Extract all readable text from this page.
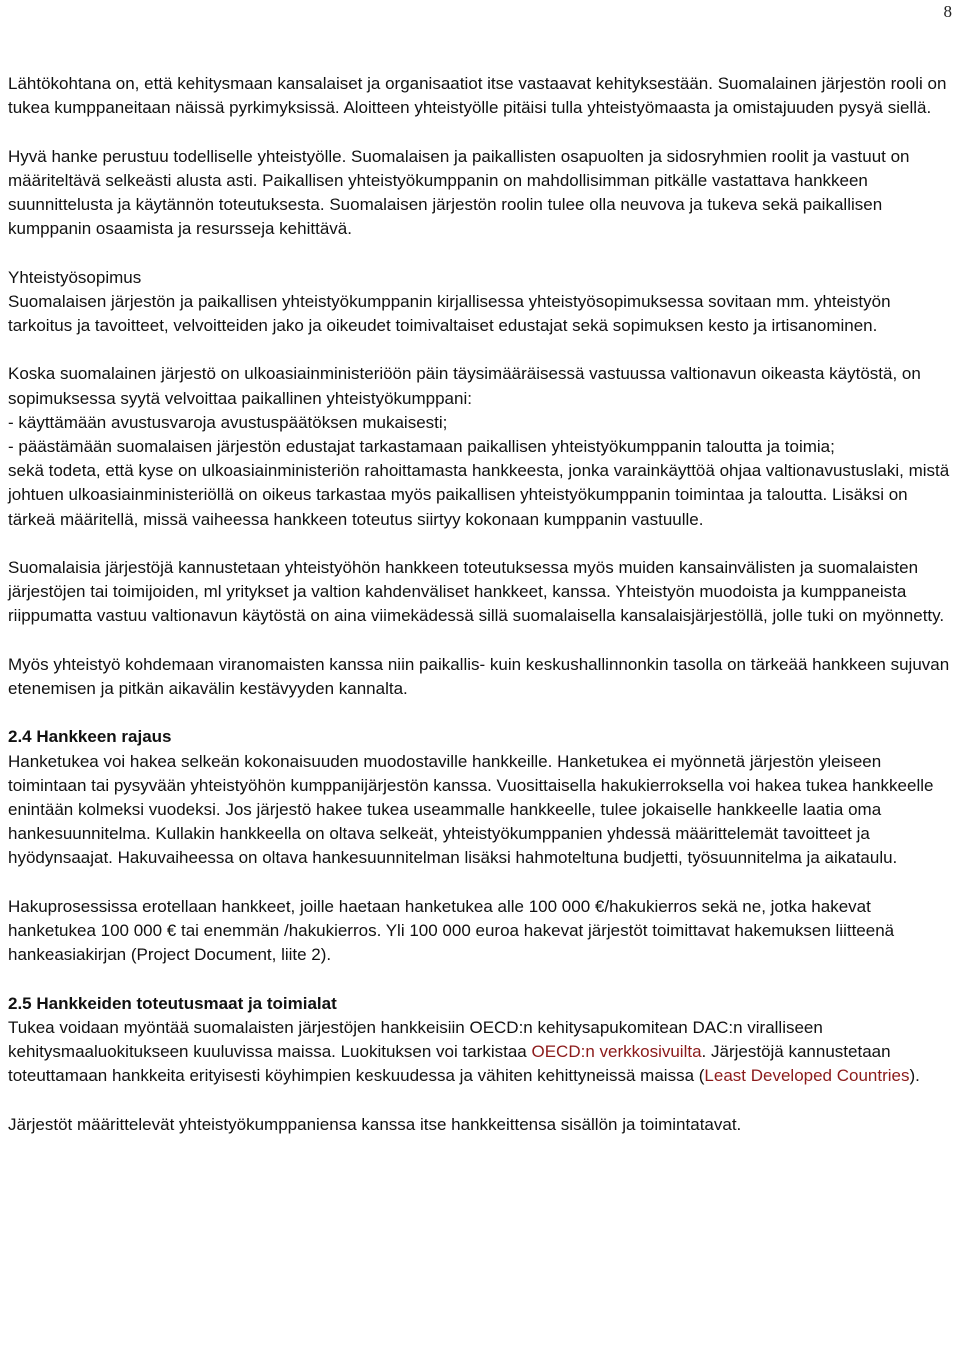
8

Lähtökohtana on, että kehitysmaan kansalaiset ja organisaatiot itse vastaavat kehityksestään. Suomalainen järjestön rooli on tukea kumppaneitaan näissä pyrkimyksissä. Aloitteen yhteistyölle pitäisi tulla yhteistyömaasta ja omistajuuden pysyä siellä.

Hyvä hanke perustuu todelliselle yhteistyölle. Suomalaisen ja paikallisten osapuolten ja sidosryhmien roolit ja vastuut on määriteltävä selkeästi alusta asti. Paikallisen yhteistyökumppanin on mahdollisimman pitkälle vastattava hankkeen suunnittelusta ja käytännön toteutuksesta. Suomalaisen järjestön roolin tulee olla neuvova ja tukeva sekä paikallisen kumppanin osaamista ja resursseja kehittävä.

Yhteistyösopimus
Suomalaisen järjestön ja paikallisen yhteistyökumppanin kirjallisessa yhteistyösopimuksessa sovitaan mm. yhteistyön tarkoitus ja tavoitteet, velvoitteiden jako ja oikeudet toimivaltaiset edustajat sekä sopimuksen kesto ja irtisanominen.
Koska suomalainen järjestö on ulkoasiainministeriöön päin täysimääräisessä vastuussa valtionavun oikeasta käytöstä, on sopimuksessa syytä velvoittaa paikallinen yhteistyökumppani:
- käyttämään avustusvaroja avustuspäätöksen mukaisesti;
- päästämään suomalaisen järjestön edustajat tarkastamaan paikallisen yhteistyökumppanin taloutta ja toimia;
sekä todeta, että kyse on ulkoasiainministeriön rahoittamasta hankkeesta, jonka varainkäyttöä ohjaa valtionavustuslaki, mistä johtuen ulkoasiainministeriöllä on oikeus tarkastaa myös paikallisen yhteistyökumppanin toimintaa ja taloutta. Lisäksi on tärkeä määritellä, missä vaiheessa hankkeen toteutus siirtyy kokonaan kumppanin vastuulle.

Suomalaisia järjestöjä kannustetaan yhteistyöhön hankkeen toteutuksessa myös muiden kansainvälisten ja suomalaisten järjestöjen tai toimijoiden, ml yritykset ja valtion kahdenväliset hankkeet, kanssa. Yhteistyön muodoista ja kumppaneista riippumatta vastuu valtionavun käytöstä on aina viimekädessä sillä suomalaisella kansalaisjärjestöllä, jolle tuki on myönnetty.

Myös yhteistyö kohdemaan viranomaisten kanssa niin paikallis- kuin keskushallinnonkin tasolla on tärkeää hankkeen sujuvan etenemisen ja pitkän aikavälin kestävyyden kannalta.

2.4 Hankkeen rajaus
Hanketukea voi hakea selkeän kokonaisuuden muodostaville hankkeille. Hanketukea ei myönnetä järjestön yleiseen toimintaan tai pysyvään yhteistyöhön kumppanijärjestön kanssa. Vuosittaisella hakukierroksella voi hakea tukea hankkeelle enintään kolmeksi vuodeksi. Jos järjestö hakee tukea useammalle hankkeelle, tulee jokaiselle hankkeelle laatia oma hankesuunnitelma. Kullakin hankkeella on oltava selkeät, yhteistyökumppanien yhdessä määrittelemät tavoitteet ja hyödynsaajat. Hakuvaiheessa on oltava hankesuunnitelman lisäksi hahmoteltuna budjetti, työsuunnitelma ja aikataulu.

Hakuprosessissa erotellaan hankkeet, joille haetaan hanketukea alle 100 000 €/hakukierros sekä ne, jotka hakevat hanketukea 100 000 € tai enemmän /hakukierros. Yli 100 000 euroa hakevat järjestöt toimittavat hakemuksen liitteenä hankeasiakirjan (Project Document, liite 2).

2.5 Hankkeiden toteutusmaat ja toimialat
Tukea voidaan myöntää suomalaisten järjestöjen hankkeisiin OECD:n kehitysapukomitean DAC:n viralliseen kehitysmaaluokitukseen kuuluvissa maissa. Luokituksen voi tarkistaa OECD:n verkkosivuilta. Järjestöjä kannustetaan toteuttamaan hankkeita erityisesti köyhimpien keskuudessa ja vähiten kehittyneissä maissa (Least Developed Countries).

Järjestöt määrittelevät yhteistyökumppaniensa kanssa itse hankkeittensa sisällön ja toimintatavat.
